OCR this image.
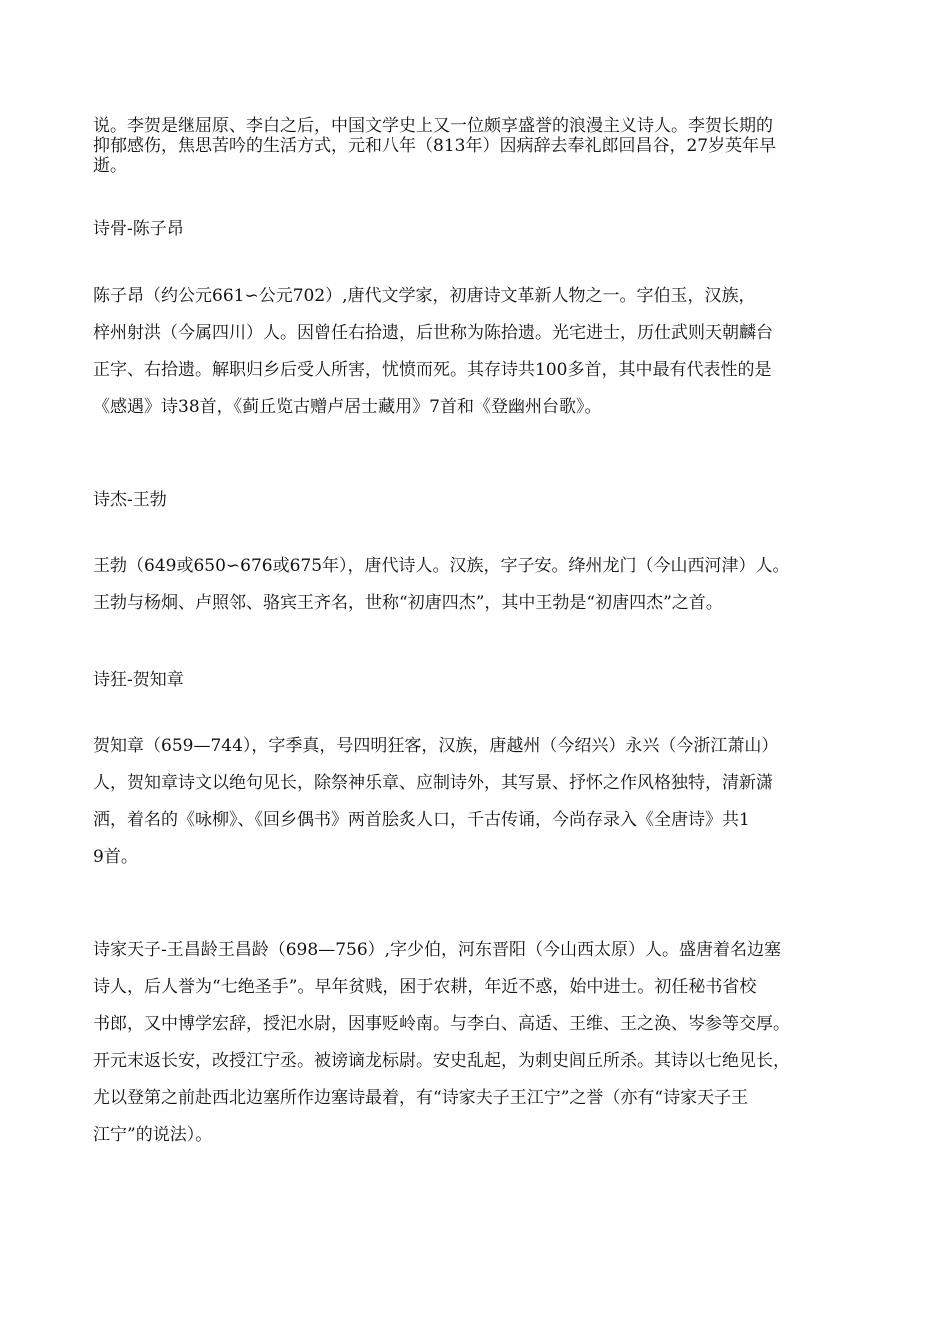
说。李贺是继屈原、李白之后，中国文学史上又一位颇享盛誉的浪漫主义诗人。李贺长期的
抑郁感伤，焦思苦吟的生活方式，元和八年（813年）因病辞去奉礼郎回昌谷，27岁英年早
逝。
诗骨-陈子昂
陈子昂（约公元661∽公元702）,唐代文学家，初唐诗文革新人物之一。字伯玉，汉族，
梓州射洪（今属四川）人。因曾任右拾遗，后世称为陈拾遗。光宅进士，历仕武则天朝麟台
正字、右拾遗。解职归乡后受人所害，忧愤而死。其存诗共100多首，其中最有代表性的是
《感遇》诗38首，《蓟丘览古赠卢居士藏用》7首和《登幽州台歌》。
诗杰-王勃
王勃（649或650∽676或675年），唐代诗人。汉族，字子安。绛州龙门（今山西河津）人。
王勃与杨炯、卢照邻、骆宾王齐名，世称“初唐四杰”，其中王勃是“初唐四杰”之首。
诗狂-贺知章
贺知章（659—744），字季真，号四明狂客，汉族，唐越州（今绍兴）永兴（今浙江萧山）
人，贺知章诗文以绝句见长，除祭神乐章、应制诗外，其写景、抒怀之作风格独特，清新潇
洒，着名的《咏柳》、《回乡偶书》两首脍炙人口，千古传诵，今尚存录入《全唐诗》共1
9首。
诗家天子-王昌龄王昌龄（698—756）,字少伯，河东晋阳（今山西太原）人。盛唐着名边塞
诗人，后人誉为“七绝圣手”。早年贫贱，困于农耕，年近不惑，始中进士。初任秘书省校
书郎，又中博学宏辞，授汜水尉，因事贬岭南。与李白、高适、王维、王之涣、岑参等交厚。
开元末返长安，改授江宁丞。被谤谪龙标尉。安史乱起，为刺史闾丘所杀。其诗以七绝见长，
尤以登第之前赴西北边塞所作边塞诗最着，有“诗家夫子王江宁”之誉（亦有“诗家天子王
江宁”的说法）。
